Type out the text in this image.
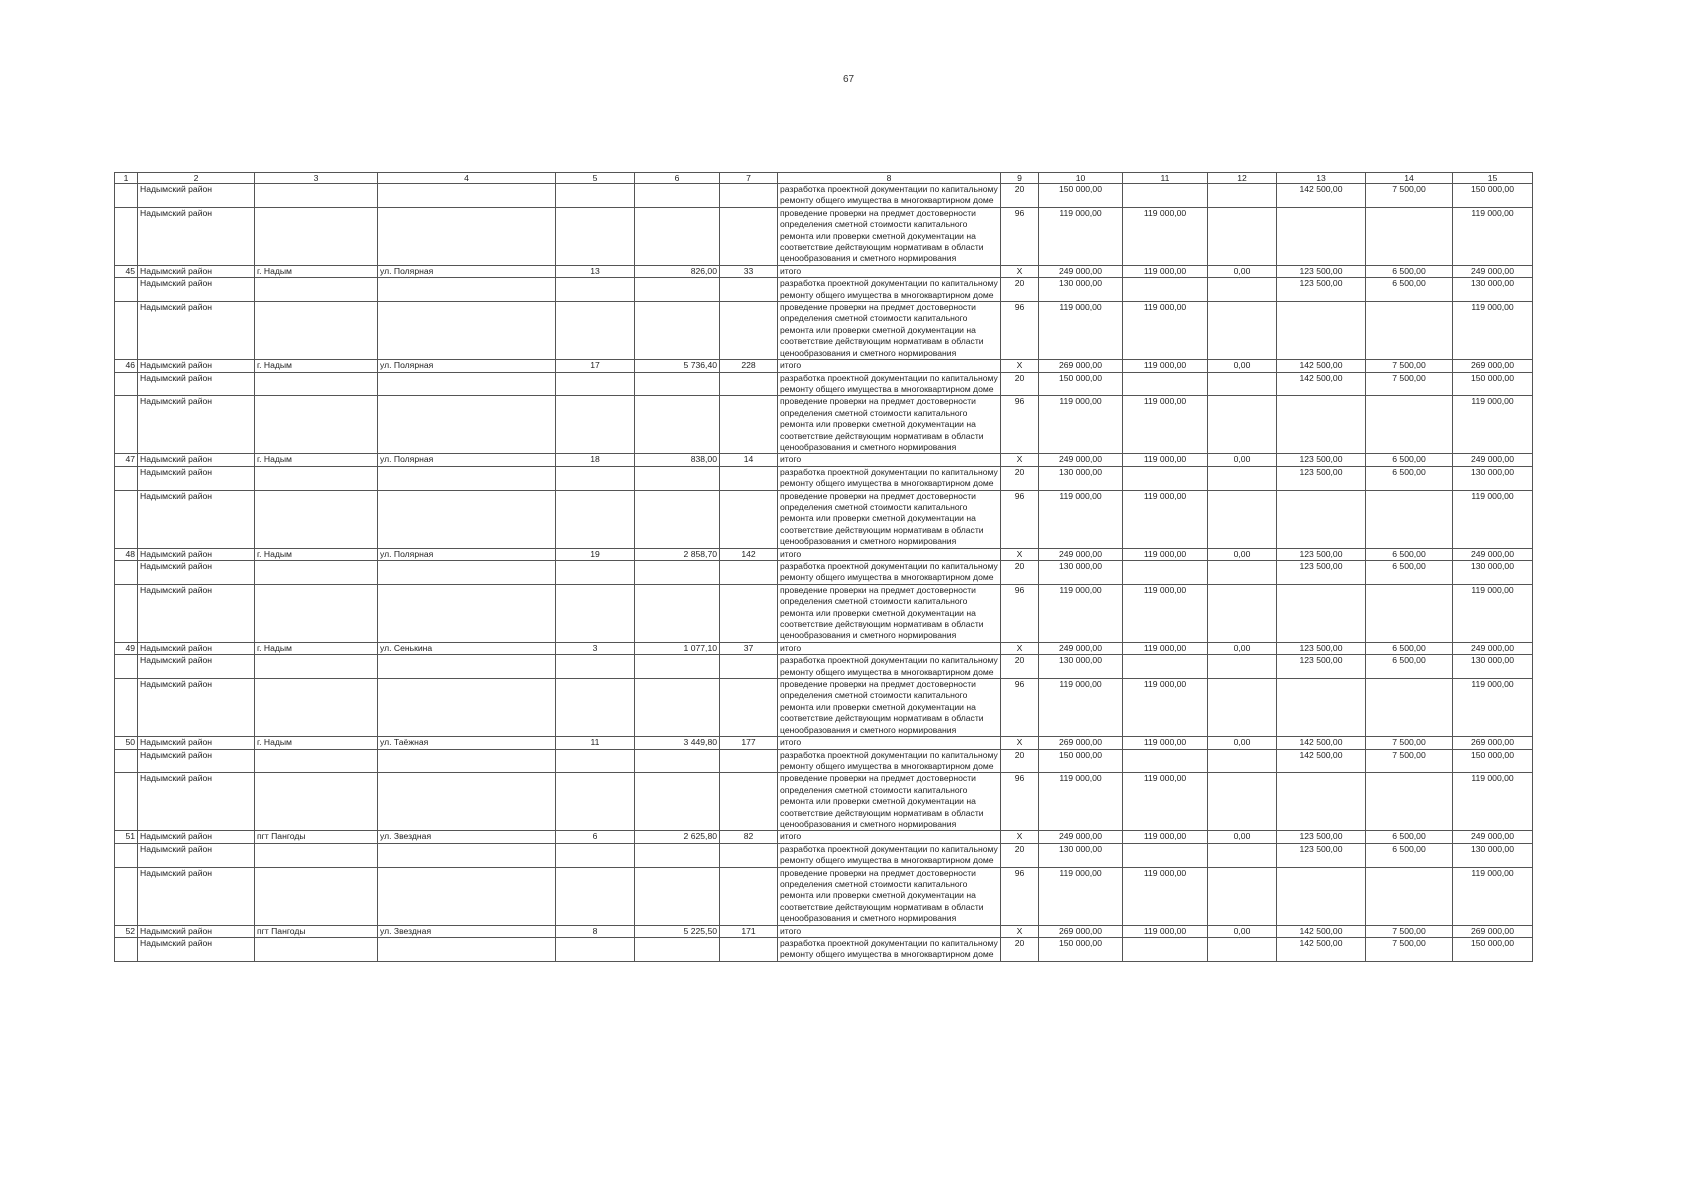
67
1	2	3	4	5	6	7	8	9	10	11	12	13	14	15
	Надымский район						разработка проектной документации по капитальному ремонту общего имущества в многоквартирном доме	20	150 000,00			142 500,00	7 500,00	150 000,00
	Надымский район						проведение проверки на предмет достоверности определения сметной стоимости капитального ремонта или проверки сметной документации на соответствие действующим нормативам в области ценообразования и сметного нормирования	96	119 000,00	119 000,00				119 000,00
45	Надымский район	г. Надым	ул. Полярная	13	826,00	33	итого	X	249 000,00	119 000,00	0,00	123 500,00	6 500,00	249 000,00
	Надымский район						разработка проектной документации по капитальному ремонту общего имущества в многоквартирном доме	20	130 000,00			123 500,00	6 500,00	130 000,00
	Надымский район						проведение проверки на предмет достоверности определения сметной стоимости капитального ремонта или проверки сметной документации на соответствие действующим нормативам в области ценообразования и сметного нормирования	96	119 000,00	119 000,00				119 000,00
46	Надымский район	г. Надым	ул. Полярная	17	5 736,40	228	итого	X	269 000,00	119 000,00	0,00	142 500,00	7 500,00	269 000,00
	Надымский район						разработка проектной документации по капитальному ремонту общего имущества в многоквартирном доме	20	150 000,00			142 500,00	7 500,00	150 000,00
	Надымский район						проведение проверки на предмет достоверности определения сметной стоимости капитального ремонта или проверки сметной документации на соответствие действующим нормативам в области ценообразования и сметного нормирования	96	119 000,00	119 000,00				119 000,00
47	Надымский район	г. Надым	ул. Полярная	18	838,00	14	итого	X	249 000,00	119 000,00	0,00	123 500,00	6 500,00	249 000,00
	Надымский район						разработка проектной документации по капитальному ремонту общего имущества в многоквартирном доме	20	130 000,00			123 500,00	6 500,00	130 000,00
	Надымский район						проведение проверки на предмет достоверности определения сметной стоимости капитального ремонта или проверки сметной документации на соответствие действующим нормативам в области ценообразования и сметного нормирования	96	119 000,00	119 000,00				119 000,00
48	Надымский район	г. Надым	ул. Полярная	19	2 858,70	142	итого	X	249 000,00	119 000,00	0,00	123 500,00	6 500,00	249 000,00
	Надымский район						разработка проектной документации по капитальному ремонту общего имущества в многоквартирном доме	20	130 000,00			123 500,00	6 500,00	130 000,00
	Надымский район						проведение проверки на предмет достоверности определения сметной стоимости капитального ремонта или проверки сметной документации на соответствие действующим нормативам в области ценообразования и сметного нормирования	96	119 000,00	119 000,00				119 000,00
49	Надымский район	г. Надым	ул. Сенькина	3	1 077,10	37	итого	X	249 000,00	119 000,00	0,00	123 500,00	6 500,00	249 000,00
	Надымский район						разработка проектной документации по капитальному ремонту общего имущества в многоквартирном доме	20	130 000,00			123 500,00	6 500,00	130 000,00
	Надымский район						проведение проверки на предмет достоверности определения сметной стоимости капитального ремонта или проверки сметной документации на соответствие действующим нормативам в области ценообразования и сметного нормирования	96	119 000,00	119 000,00				119 000,00
50	Надымский район	г. Надым	ул. Таёжная	11	3 449,80	177	итого	X	269 000,00	119 000,00	0,00	142 500,00	7 500,00	269 000,00
	Надымский район						разработка проектной документации по капитальному ремонту общего имущества в многоквартирном доме	20	150 000,00			142 500,00	7 500,00	150 000,00
	Надымский район						проведение проверки на предмет достоверности определения сметной стоимости капитального ремонта или проверки сметной документации на соответствие действующим нормативам в области ценообразования и сметного нормирования	96	119 000,00	119 000,00				119 000,00
51	Надымский район	пгт Пангоды	ул. Звездная	6	2 625,80	82	итого	X	249 000,00	119 000,00	0,00	123 500,00	6 500,00	249 000,00
	Надымский район						разработка проектной документации по капитальному ремонту общего имущества в многоквартирном доме	20	130 000,00			123 500,00	6 500,00	130 000,00
	Надымский район						проведение проверки на предмет достоверности определения сметной стоимости капитального ремонта или проверки сметной документации на соответствие действующим нормативам в области ценообразования и сметного нормирования	96	119 000,00	119 000,00				119 000,00
52	Надымский район	пгт Пангоды	ул. Звездная	8	5 225,50	171	итого	X	269 000,00	119 000,00	0,00	142 500,00	7 500,00	269 000,00
	Надымский район						разработка проектной документации по капитальному ремонту общего имущества в многоквартирном доме	20	150 000,00			142 500,00	7 500,00	150 000,00
